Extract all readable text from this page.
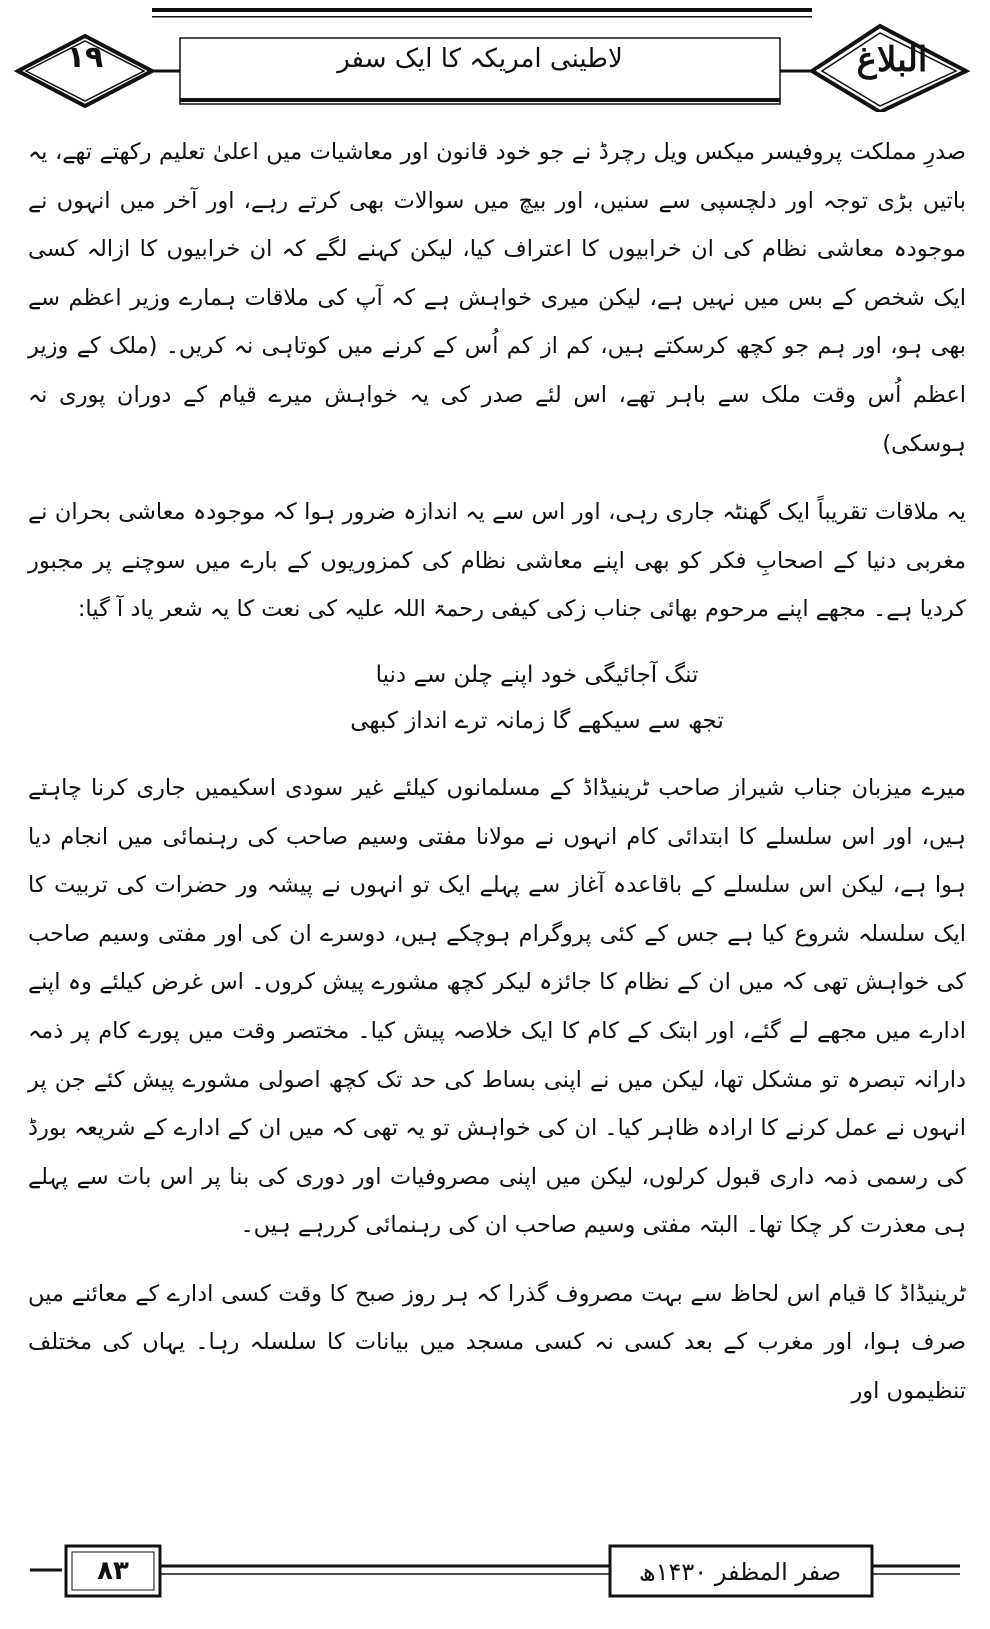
۱۹	لاطینی امریکہ کا ایک سفر	البلاغ

صدرِ مملکت پروفیسر میکس ویل رچرڈ نے جو خود قانون اور معاشیات میں اعلیٰ تعلیم رکھتے تھے، یہ باتیں بڑی توجہ اور دلچسپی سے سنیں، اور بیچ میں سوالات بھی کرتے رہے، اور آخر میں انہوں نے موجودہ معاشی نظام کی ان خرابیوں کا اعتراف کیا، لیکن کہنے لگے کہ ان خرابیوں کا ازالہ کسی ایک شخص کے بس میں نہیں ہے، لیکن میری خواہش ہے کہ آپ کی ملاقات ہمارے وزیر اعظم سے بھی ہو، اور ہم جو کچھ کرسکتے ہیں، کم از کم اُس کے کرنے میں کوتاہی نہ کریں۔ (ملک کے وزیر اعظم اُس وقت ملک سے باہر تھے، اس لئے صدر کی یہ خواہش میرے قیام کے دوران پوری نہ ہوسکی)

یہ ملاقات تقریباً ایک گھنٹہ جاری رہی، اور اس سے یہ اندازہ ضرور ہوا کہ موجودہ معاشی بحران نے مغربی دنیا کے اصحابِ فکر کو بھی اپنے معاشی نظام کی کمزوریوں کے بارے میں سوچنے پر مجبور کردیا ہے۔ مجھے اپنے مرحوم بھائی جناب زکی کیفی رحمۃ اللہ علیہ کی نعت کا یہ شعر یاد آ گیا:

تنگ آجائیگی خود اپنے چلن سے دنیا
تجھ سے سیکھے گا زمانہ ترے انداز کبھی

میرے میزبان جناب شیراز صاحب ٹرینیڈاڈ کے مسلمانوں کیلئے غیر سودی اسکیمیں جاری کرنا چاہتے ہیں، اور اس سلسلے کا ابتدائی کام انہوں نے مولانا مفتی وسیم صاحب کی رہنمائی میں انجام دیا ہوا ہے، لیکن اس سلسلے کے باقاعدہ آغاز سے پہلے ایک تو انہوں نے پیشہ ور حضرات کی تربیت کا ایک سلسلہ شروع کیا ہے جس کے کئی پروگرام ہوچکے ہیں، دوسرے ان کی اور مفتی وسیم صاحب کی خواہش تھی کہ میں ان کے نظام کا جائزہ لیکر کچھ مشورے پیش کروں۔ اس غرض کیلئے وہ اپنے ادارے میں مجھے لے گئے، اور ابتک کے کام کا ایک خلاصہ پیش کیا۔ مختصر وقت میں پورے کام پر ذمہ دارانہ تبصرہ تو مشکل تھا، لیکن میں نے اپنی بساط کی حد تک کچھ اصولی مشورے پیش کئے جن پر انہوں نے عمل کرنے کا ارادہ ظاہر کیا۔ ان کی خواہش تو یہ تھی کہ میں ان کے ادارے کے شریعہ بورڈ کی رسمی ذمہ داری قبول کرلوں، لیکن میں اپنی مصروفیات اور دوری کی بنا پر اس بات سے پہلے ہی معذرت کر چکا تھا۔ البتہ مفتی وسیم صاحب ان کی رہنمائی کررہے ہیں۔

ٹرینیڈاڈ کا قیام اس لحاظ سے بہت مصروف گذرا کہ ہر روز صبح کا وقت کسی ادارے کے معائنے میں صرف ہوا، اور مغرب کے بعد کسی نہ کسی مسجد میں بیانات کا سلسلہ رہا۔ یہاں کی مختلف تنظیموں اور

۸۳	صفر المظفر ۱۴۳۰ھ
